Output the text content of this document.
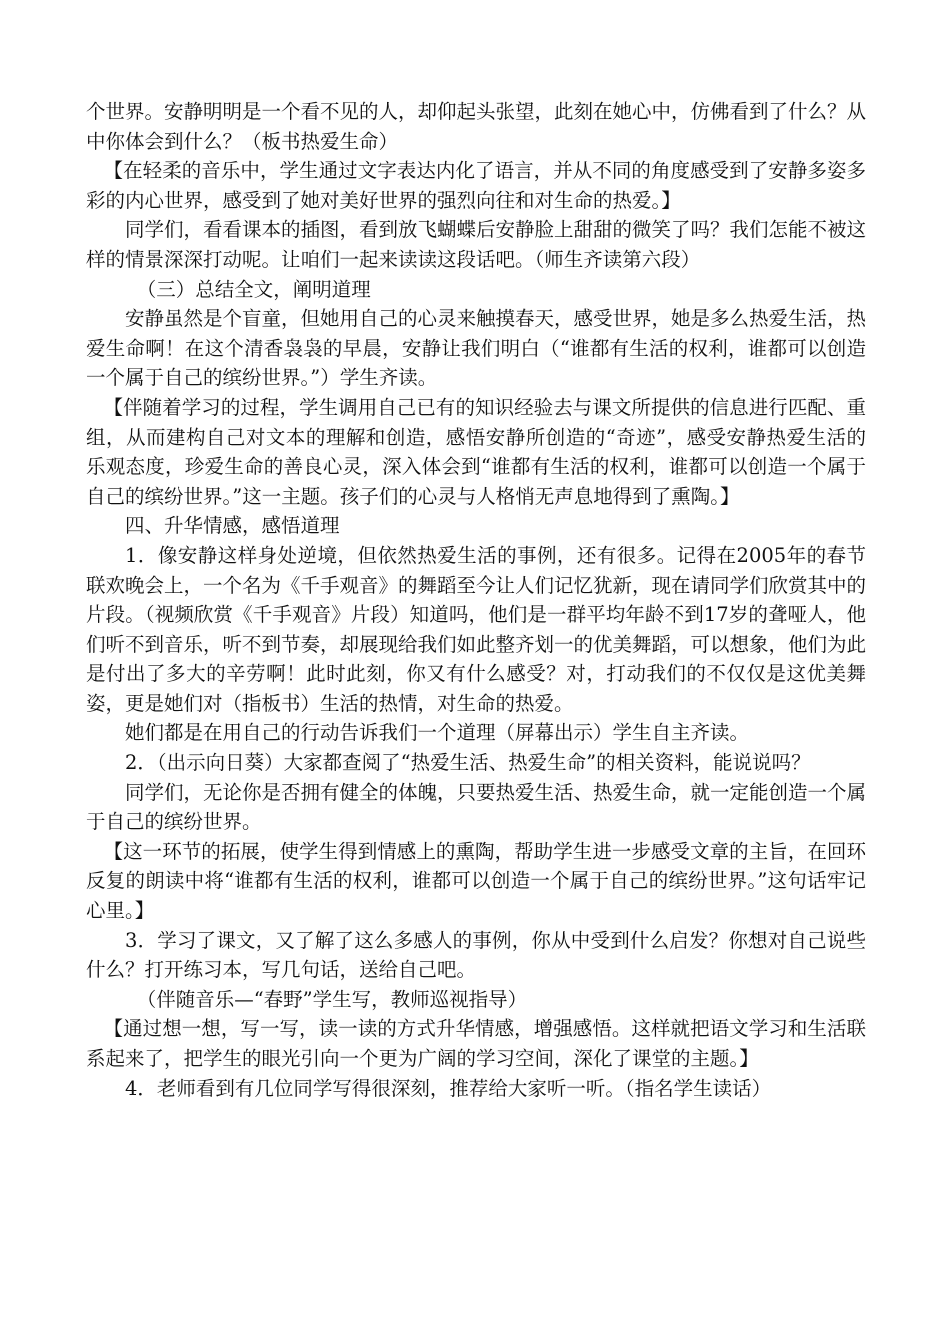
个世界。安静明明是一个看不见的人，却仰起头张望，此刻在她心中，仿佛看到了什么？从中你体会到什么？（板书热爱生命）

【在轻柔的音乐中，学生通过文字表达内化了语言，并从不同的角度感受到了安静多姿多彩的内心世界，感受到了她对美好世界的强烈向往和对生命的热爱。】

同学们，看看课本的插图，看到放飞蝴蝶后安静脸上甜甜的微笑了吗？我们怎能不被这样的情景深深打动呢。让咱们一起来读读这段话吧。（师生齐读第六段）

（三）总结全文，阐明道理

安静虽然是个盲童，但她用自己的心灵来触摸春天，感受世界，她是多么热爱生活，热爱生命啊！在这个清香袅袅的早晨，安静让我们明白（“谁都有生活的权利，谁都可以创造一个属于自己的缤纷世界。”）学生齐读。

【伴随着学习的过程，学生调用自己已有的知识经验去与课文所提供的信息进行匹配、重组，从而建构自己对文本的理解和创造，感悟安静所创造的“奇迹”，感受安静热爱生活的乐观态度，珍爱生命的善良心灵，深入体会到“谁都有生活的权利，谁都可以创造一个属于自己的缤纷世界。”这一主题。孩子们的心灵与人格悄无声息地得到了熏陶。】

四、升华情感，感悟道理

1．像安静这样身处逆境，但依然热爱生活的事例，还有很多。记得在2005年的春节联欢晚会上，一个名为《千手观音》的舞蹈至今让人们记忆犹新，现在请同学们欣赏其中的片段。（视频欣赏《千手观音》片段）知道吗，他们是一群平均年龄不到17岁的聋哑人，他们听不到音乐，听不到节奏，却展现给我们如此整齐划一的优美舞蹈，可以想象，他们为此是付出了多大的辛劳啊！此时此刻，你又有什么感受？对，打动我们的不仅仅是这优美舞姿，更是她们对（指板书）生活的热情，对生命的热爱。

她们都是在用自己的行动告诉我们一个道理（屏幕出示）学生自主齐读。

2．（出示向日葵）大家都查阅了“热爱生活、热爱生命”的相关资料，能说说吗？

同学们，无论你是否拥有健全的体魄，只要热爱生活、热爱生命，就一定能创造一个属于自己的缤纷世界。

【这一环节的拓展，使学生得到情感上的熏陶，帮助学生进一步感受文章的主旨，在回环反复的朗读中将“谁都有生活的权利，谁都可以创造一个属于自己的缤纷世界。”这句话牢记心里。】

3．学习了课文，又了解了这么多感人的事例，你从中受到什么启发？你想对自己说些什么？打开练习本，写几句话，送给自己吧。

（伴随音乐—“春野”学生写，教师巡视指导）

【通过想一想，写一写，读一读的方式升华情感，增强感悟。这样就把语文学习和生活联系起来了，把学生的眼光引向一个更为广阔的学习空间，深化了课堂的主题。】

4．老师看到有几位同学写得很深刻，推荐给大家听一听。（指名学生读话）
